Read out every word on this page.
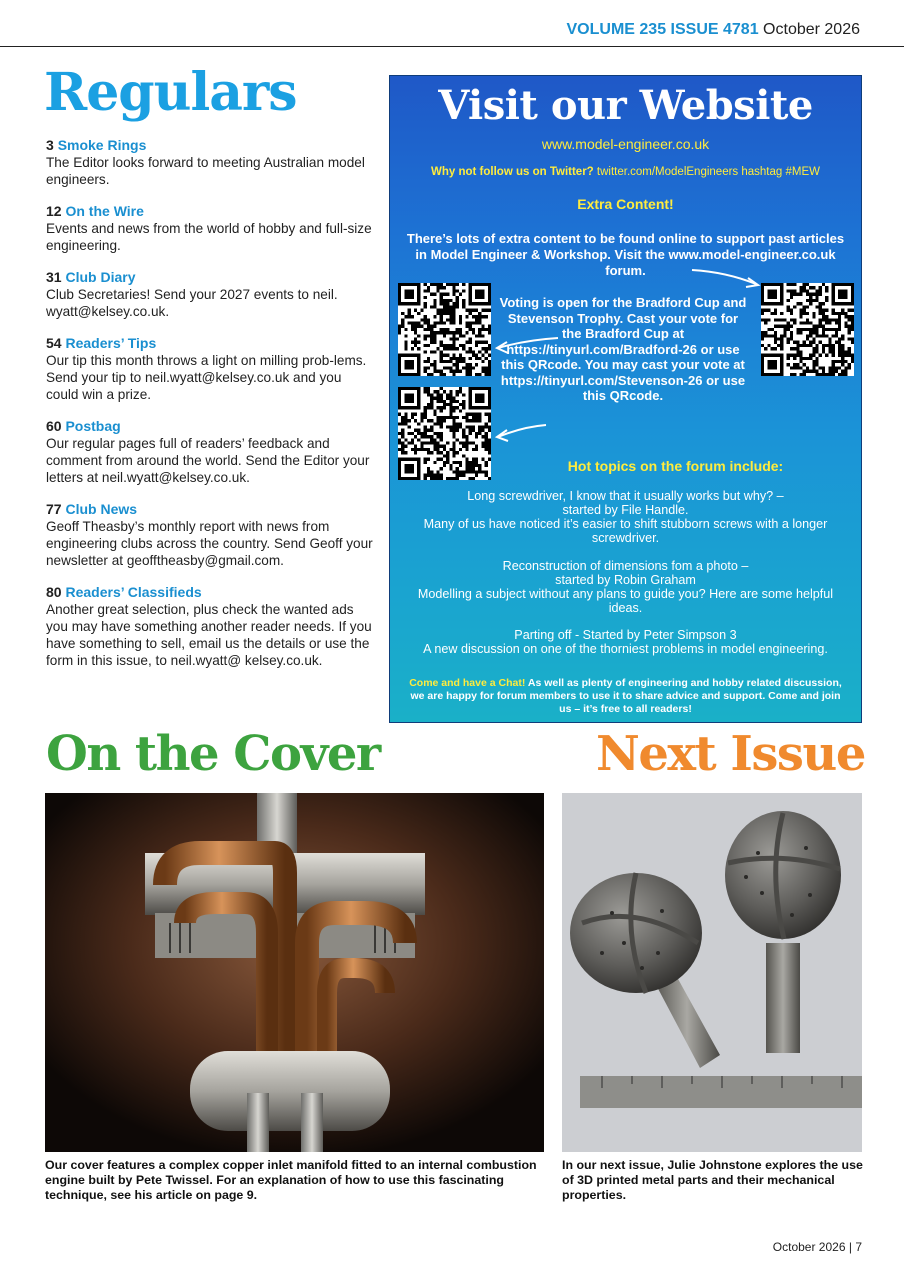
VOLUME 235 ISSUE 4781 October 2026
Regulars
3 Smoke Rings
The Editor looks forward to meeting Australian model engineers.
12 On the Wire
Events and news from the world of hobby and full-size engineering.
31 Club Diary
Club Secretaries! Send your 2027 events to neil. wyatt@kelsey.co.uk.
54 Readers’ Tips
Our tip this month throws a light on milling prob-lems. Send your tip to neil.wyatt@kelsey.co.uk and you could win a prize.
60 Postbag
Our regular pages full of readers’ feedback and comment from around the world. Send the Editor your letters at neil.wyatt@kelsey.co.uk.
77 Club News
Geoff Theasby’s monthly report with news from engineering clubs across the country. Send Geoff your newsletter at geofftheasby@gmail.com.
80 Readers’ Classifieds
Another great selection, plus check the wanted ads you may have something another reader needs. If you have something to sell, email us the details or use the form in this issue, to neil.wyatt@ kelsey.co.uk.
Visit our Website
www.model-engineer.co.uk
Why not follow us on Twitter? twitter.com/ModelEngineers hashtag #MEW
Extra Content!
There’s lots of extra content to be found online to support past articles in Model Engineer & Workshop. Visit the www.model-engineer.co.uk forum.
Voting is open for the Bradford Cup and Stevenson Trophy. Cast your vote for the Bradford Cup at https://tinyurl.com/Bradford-26 or use this QRcode. You may cast your vote at https://tinyurl.com/Stevenson-26 or use this QRcode.
Hot topics on the forum include:
Long screwdriver, I know that it usually works but why? –
started by File Handle.
Many of us have noticed it’s easier to shift stubborn screws with a longer screwdriver.
Reconstruction of dimensions fom a photo –
started by Robin Graham
Modelling a subject without any plans to guide you? Here are some helpful ideas.
Parting off - Started by Peter Simpson 3
A new discussion on one of the thorniest problems in model engineering.
Come and have a Chat! As well as plenty of engineering and hobby related discussion, we are happy for forum members to use it to share advice and support. Come and join us – it’s free to all readers!
On the Cover	Next Issue
Our cover features a complex copper inlet manifold fitted to an internal combustion engine built by Pete Twissel. For an explanation of how to use this fascinating technique, see his article on page 9.
In our next issue, Julie Johnstone explores the use of 3D printed metal parts and their mechanical properties.
October 2026 | 7
